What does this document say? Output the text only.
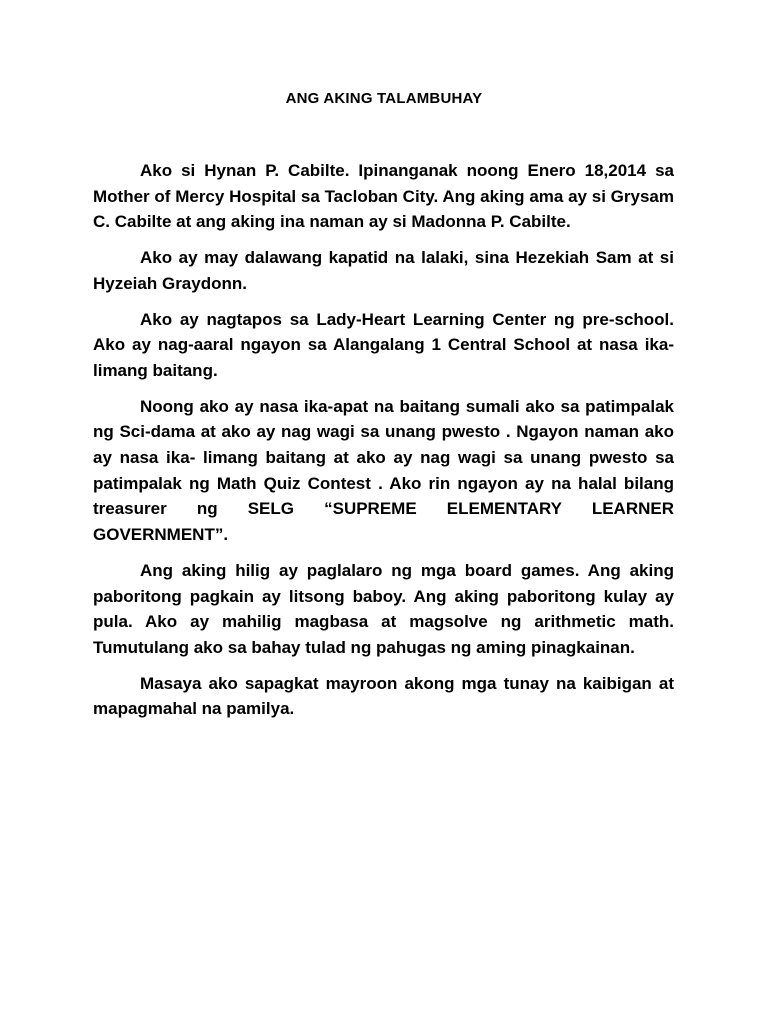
ANG AKING TALAMBUHAY

Ako si Hynan P. Cabilte. Ipinanganak noong Enero 18,2014 sa Mother of Mercy Hospital sa Tacloban City. Ang aking ama ay si Grysam C. Cabilte at ang aking ina naman ay si Madonna P. Cabilte.

Ako ay may dalawang kapatid na lalaki, sina Hezekiah Sam at si Hyzeiah Graydonn.

Ako ay nagtapos sa Lady-Heart Learning Center ng pre-school. Ako ay nag-aaral ngayon sa Alangalang 1 Central School at nasa ika-limang baitang.

Noong ako ay nasa ika-apat na baitang sumali ako sa patimpalak ng Sci-dama at ako ay nag wagi sa unang pwesto . Ngayon naman ako ay nasa ika- limang baitang at ako ay nag wagi sa unang pwesto sa patimpalak ng Math Quiz Contest . Ako rin ngayon ay na halal bilang treasurer ng SELG “SUPREME ELEMENTARY LEARNER GOVERNMENT”.

Ang aking hilig ay paglalaro ng mga board games. Ang aking paboritong pagkain ay litsong baboy. Ang aking paboritong kulay ay pula. Ako ay mahilig magbasa at magsolve ng arithmetic math. Tumutulang ako sa bahay tulad ng pahugas ng aming pinagkainan.

Masaya ako sapagkat mayroon akong mga tunay na kaibigan at mapagmahal na pamilya.
